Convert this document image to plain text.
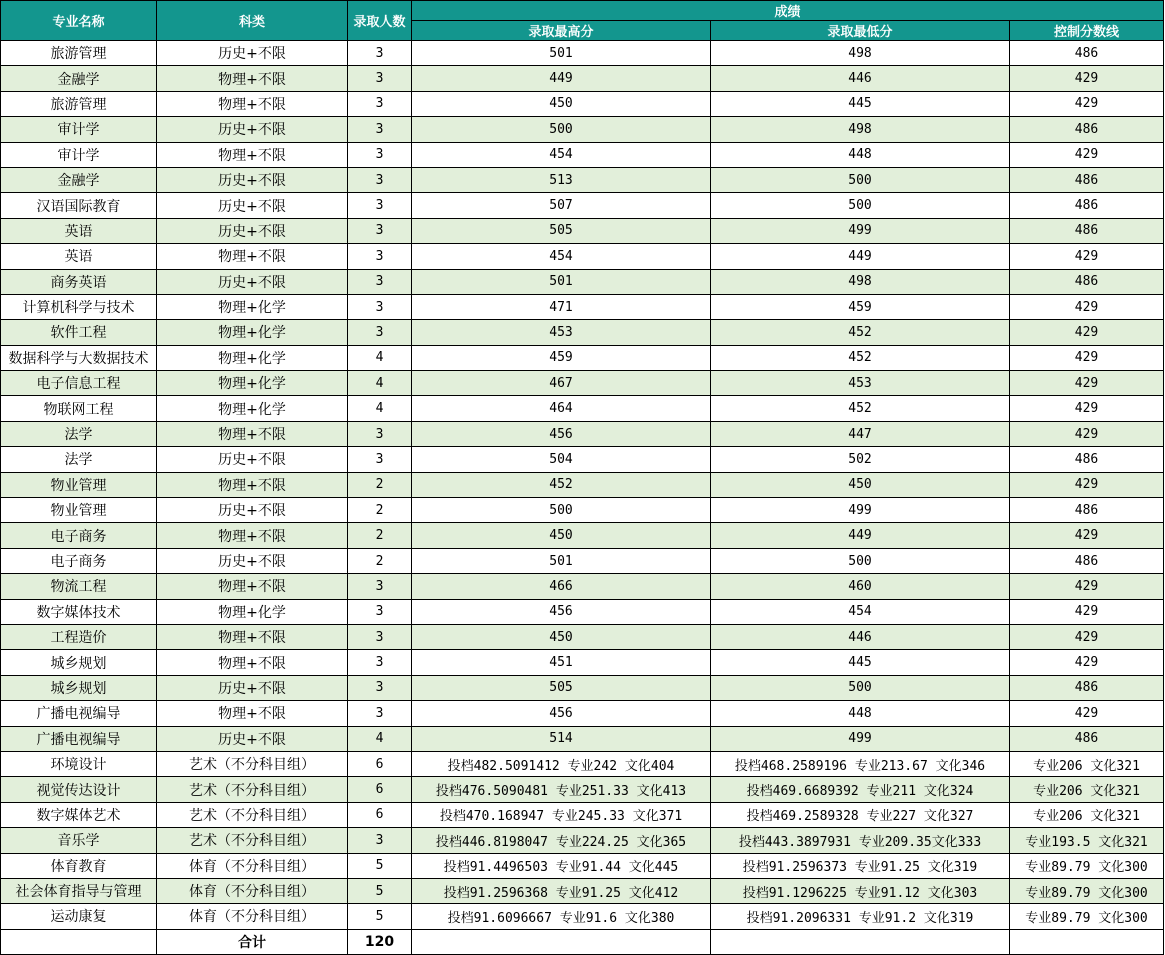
专业名称	科类	录取人数	成绩		
			录取最高分	录取最低分	控制分数线
旅游管理	历史+不限	3	501	498	486
金融学	物理+不限	3	449	446	429
旅游管理	物理+不限	3	450	445	429
审计学	历史+不限	3	500	498	486
审计学	物理+不限	3	454	448	429
金融学	历史+不限	3	513	500	486
汉语国际教育	历史+不限	3	507	500	486
英语	历史+不限	3	505	499	486
英语	物理+不限	3	454	449	429
商务英语	历史+不限	3	501	498	486
计算机科学与技术	物理+化学	3	471	459	429
软件工程	物理+化学	3	453	452	429
数据科学与大数据技术	物理+化学	4	459	452	429
电子信息工程	物理+化学	4	467	453	429
物联网工程	物理+化学	4	464	452	429
法学	物理+不限	3	456	447	429
法学	历史+不限	3	504	502	486
物业管理	物理+不限	2	452	450	429
物业管理	历史+不限	2	500	499	486
电子商务	物理+不限	2	450	449	429
电子商务	历史+不限	2	501	500	486
物流工程	物理+不限	3	466	460	429
数字媒体技术	物理+化学	3	456	454	429
工程造价	物理+不限	3	450	446	429
城乡规划	物理+不限	3	451	445	429
城乡规划	历史+不限	3	505	500	486
广播电视编导	物理+不限	3	456	448	429
广播电视编导	历史+不限	4	514	499	486
环境设计	艺术（不分科目组）	6	投档482.5091412 专业242 文化404	投档468.2589196 专业213.67 文化346	专业206 文化321
视觉传达设计	艺术（不分科目组）	6	投档476.5090481 专业251.33 文化413	投档469.6689392 专业211 文化324	专业206 文化321
数字媒体艺术	艺术（不分科目组）	6	投档470.168947 专业245.33 文化371	投档469.2589328 专业227 文化327	专业206 文化321
音乐学	艺术（不分科目组）	3	投档446.8198047 专业224.25 文化365	投档443.3897931 专业209.35文化333	专业193.5 文化321
体育教育	体育（不分科目组）	5	投档91.4496503 专业91.44 文化445	投档91.2596373 专业91.25 文化319	专业89.79 文化300
社会体育指导与管理	体育（不分科目组）	5	投档91.2596368 专业91.25 文化412	投档91.1296225 专业91.12 文化303	专业89.79 文化300
运动康复	体育（不分科目组）	5	投档91.6096667 专业91.6 文化380	投档91.2096331 专业91.2 文化319	专业89.79 文化300
	合计	120			
